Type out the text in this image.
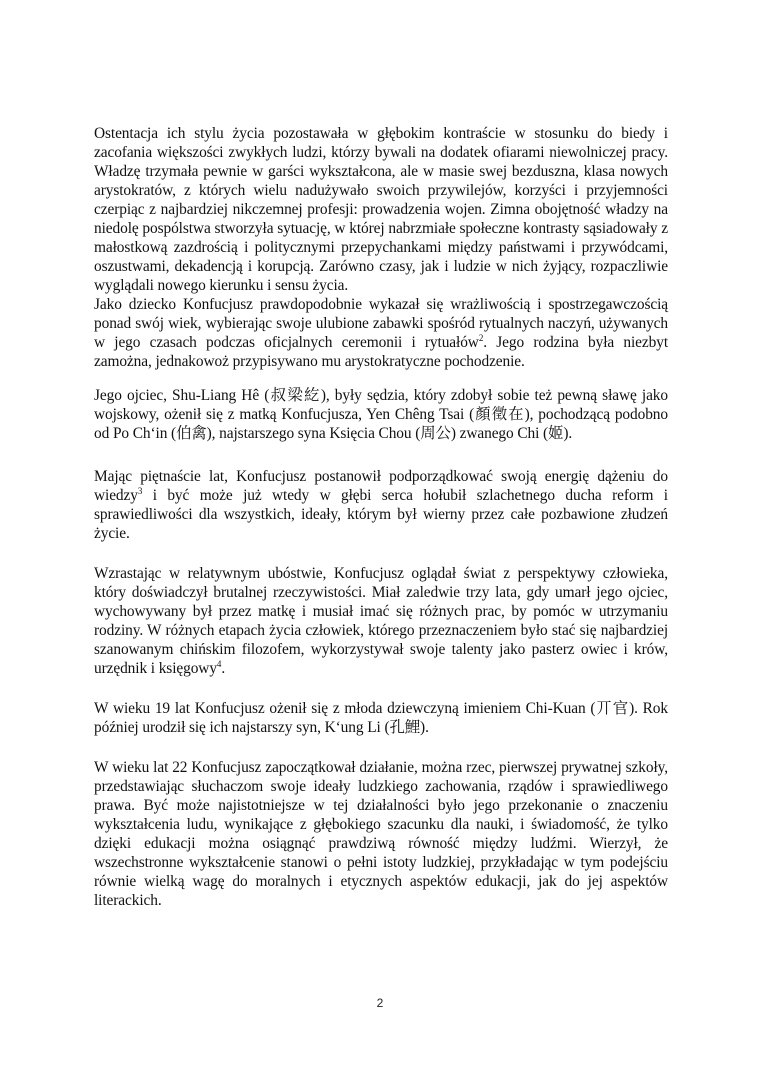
Ostentacja ich stylu życia pozostawała w głębokim kontraście w stosunku do biedy i zacofania większości zwykłych ludzi, którzy bywali na dodatek ofiarami niewolniczej pracy. Władzę trzymała pewnie w garści wykształcona, ale w masie swej bezduszna, klasa nowych arystokratów, z których wielu nadużywało swoich przywilejów, korzyści i przyjemności czerpiąc z najbardziej nikczemnej profesji: prowadzenia wojen. Zimna obojętność władzy na niedolę pospólstwa stworzyła sytuację, w której nabrzmiałe społeczne kontrasty sąsiadowały z małostkową zazdrością i politycznymi przepychankami między państwami i przywódcami, oszustwami, dekadencją i korupcją. Zarówno czasy, jak i ludzie w nich żyjący, rozpaczliwie wyglądali nowego kierunku i sensu życia.

Jako dziecko Konfucjusz prawdopodobnie wykazał się wrażliwością i spostrzegawczością ponad swój wiek, wybierając swoje ulubione zabawki spośród rytualnych naczyń, używanych w jego czasach podczas oficjalnych ceremonii i rytuałów$^2$. Jego rodzina była niezbyt zamożna, jednakowoż przypisywano mu arystokratyczne pochodzenie.

Jego ojciec, Shu-Liang Hê (叔梁紇), były sędzia, który zdobył sobie też pewną sławę jako wojskowy, ożenił się z matką Konfucjusza, Yen Chêng Tsai (顏徵在), pochodzącą podobno od Po Ch‘in (伯禽), najstarszego syna Księcia Chou (周公) zwanego Chi (姬).

Mając piętnaście lat, Konfucjusz postanowił podporządkować swoją energię dążeniu do wiedzy$^3$ i być może już wtedy w głębi serca hołubił szlachetnego ducha reform i sprawiedliwości dla wszystkich, ideały, którym był wierny przez całe pozbawione złudzeń życie.

Wzrastając w relatywnym ubóstwie, Konfucjusz oglądał świat z perspektywy człowieka, który doświadczył brutalnej rzeczywistości. Miał zaledwie trzy lata, gdy umarł jego ojciec, wychowywany był przez matkę i musiał imać się różnych prac, by pomóc w utrzymaniu rodziny. W różnych etapach życia człowiek, którego przeznaczeniem było stać się najbardziej szanowanym chińskim filozofem, wykorzystywał swoje talenty jako pasterz owiec i krów, urzędnik i księgowy$^4$.

W wieku 19 lat Konfucjusz ożenił się z młoda dziewczyną imieniem Chi-Kuan (丌官). Rok później urodził się ich najstarszy syn, K‘ung Li (孔鯉).

W wieku lat 22 Konfucjusz zapoczątkował działanie, można rzec, pierwszej prywatnej szkoły, przedstawiając słuchaczom swoje ideały ludzkiego zachowania, rządów i sprawiedliwego prawa. Być może najistotniejsze w tej działalności było jego przekonanie o znaczeniu wykształcenia ludu, wynikające z głębokiego szacunku dla nauki, i świadomość, że tylko dzięki edukacji można osiągnąć prawdziwą równość między ludźmi. Wierzył, że wszechstronne wykształcenie stanowi o pełni istoty ludzkiej, przykładając w tym podejściu równie wielką wagę do moralnych i etycznych aspektów edukacji, jak do jej aspektów literackich.

2
